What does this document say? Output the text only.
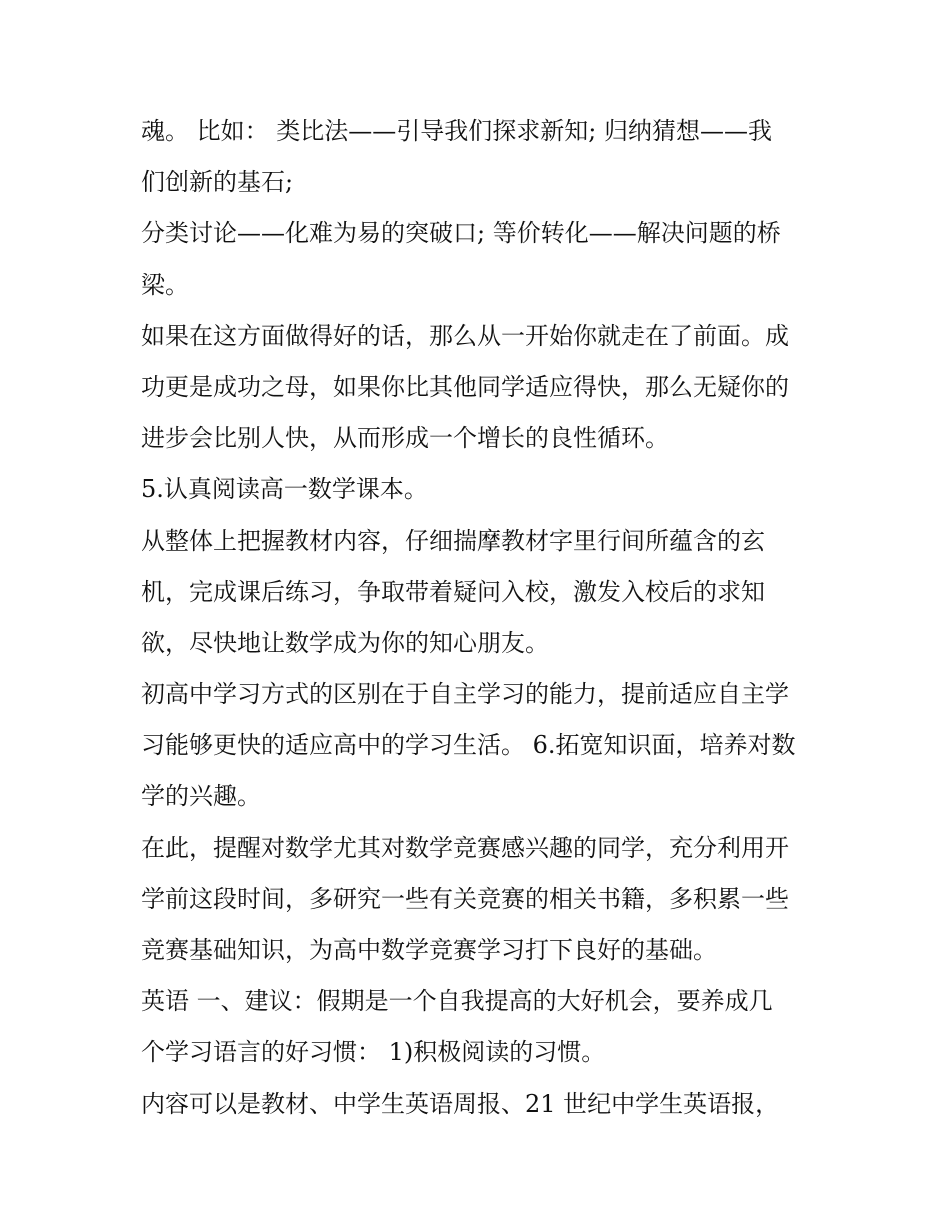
魂。 比如： 类比法——引导我们探求新知; 归纳猜想——我
们创新的基石;
分类讨论——化难为易的突破口; 等价转化——解决问题的桥
梁。
如果在这方面做得好的话，那么从一开始你就走在了前面。成
功更是成功之母，如果你比其他同学适应得快，那么无疑你的
进步会比别人快，从而形成一个增长的良性循环。
5.认真阅读高一数学课本。
从整体上把握教材内容，仔细揣摩教材字里行间所蕴含的玄
机，完成课后练习，争取带着疑问入校，激发入校后的求知
欲，尽快地让数学成为你的知心朋友。
初高中学习方式的区别在于自主学习的能力，提前适应自主学
习能够更快的适应高中的学习生活。 6.拓宽知识面，培养对数
学的兴趣。
在此，提醒对数学尤其对数学竞赛感兴趣的同学，充分利用开
学前这段时间，多研究一些有关竞赛的相关书籍，多积累一些
竞赛基础知识，为高中数学竞赛学习打下良好的基础。
英语 一、建议：假期是一个自我提高的大好机会，要养成几
个学习语言的好习惯： 1)积极阅读的习惯。
内容可以是教材、中学生英语周报、21 世纪中学生英语报，
